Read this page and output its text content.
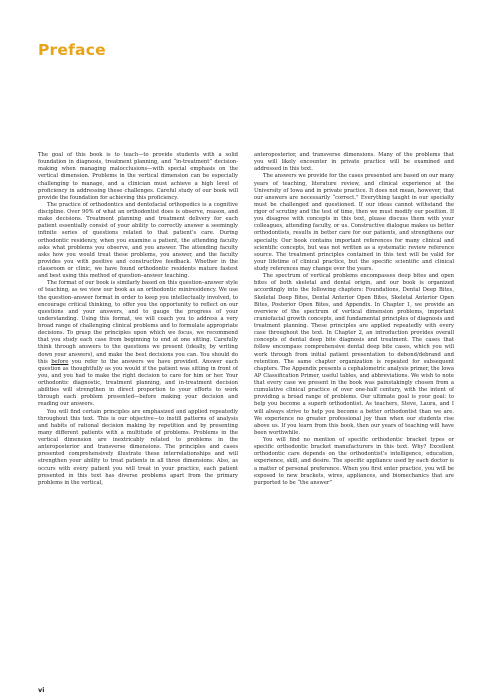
Preface

The goal of this book is to teach—to provide students with a solid foundation in diagnosis, treatment planning, and “in-treatment” decision-making when managing malocclusions—with special emphasis on the vertical dimension. Problems in the vertical dimension can be especially challenging to manage, and a clinician must achieve a high level of proficiency in addressing these challenges. Careful study of our book will provide the foundation for achieving this proficiency.

The practice of orthodontics and dentofacial orthopedics is a cognitive discipline. Over 90% of what an orthodontist does is observe, reason, and make decisions. Treatment planning and treatment delivery for each patient essentially consist of your ability to correctly answer a seemingly infinite series of questions related to that patient’s care. During orthodontic residency, when you examine a patient, the attending faculty asks what problems you observe, and you answer. The attending faculty asks how you would treat these problems, you answer, and the faculty provides you with positive and constructive feedback. Whether in the classroom or clinic, we have found orthodontic residents mature fastest and best using this method of question–answer teaching.

The format of our book is similarly based on this question–answer style of teaching, as we view our book as an orthodontic miniresidency. We use the question–answer format in order to keep you intellectually involved, to encourage critical thinking, to offer you the opportunity to reflect on our questions and your answers, and to gauge the progress of your understanding. Using this format, we will coach you to address a very broad range of challenging clinical problems and to formulate appropriate decisions. To grasp the principles upon which we focus, we recommend that you study each case from beginning to end at one sitting. Carefully think through answers to the questions we present (ideally, by writing down your answers), and make the best decisions you can. You should do this before you refer to the answers we have provided. Answer each question as thoughtfully as you would if the patient was sitting in front of you, and you had to make the right decision to care for him or her. Your orthodontic diagnostic, treatment planning, and in-treatment decision abilities will strengthen in direct proportion to your efforts to work through each problem presented—before making your decision and reading our answers.

You will find certain principles are emphasized and applied repeatedly throughout this text. This is our objective—to instill patterns of analysis and habits of rational decision making by repetition and by presenting many different patients with a multitude of problems. Problems in the vertical dimension are inextricably related to problems in the anteroposterior and transverse dimensions. The principles and cases presented comprehensively illustrate these interrelationships and will strengthen your ability to treat patients in all three dimensions. Also, as occurs with every patient you will treat in your practice, each patient presented in this text has diverse problems apart from the primary problems in the vertical,

anteroposterior, and transverse dimensions. Many of the problems that you will likely encounter in private practice will be examined and addressed in this text.

The answers we provide for the cases presented are based on our many years of teaching, literature review, and clinical experience at the University of Iowa and in private practice. It does not mean, however, that our answers are necessarily “correct.” Everything taught in our specialty must be challenged and questioned. If our ideas cannot withstand the rigor of scrutiny and the test of time, then we must modify our position. If you disagree with concepts in this text, please discuss them with your colleagues, attending faculty, or us. Constructive dialogue makes us better orthodontists, results in better care for our patients, and strengthens our specialty. Our book contains important references for many clinical and scientific concepts, but was not written as a systematic review reference source. The treatment principles contained in this text will be valid for your lifetime of clinical practice, but the specific scientific and clinical study references may change over the years.

The spectrum of vertical problems encompasses deep bites and open bites of both skeletal and dental origin, and our book is organized accordingly into the following chapters: Foundations, Dental Deep Bites, Skeletal Deep Bites, Dental Anterior Open Bites, Skeletal Anterior Open Bites, Posterior Open Bites, and Appendix. In Chapter 1, we provide an overview of the spectrum of vertical dimension problems, important craniofacial growth concepts, and fundamental principles of diagnosis and treatment planning. These principles are applied repeatedly with every case throughout the text. In Chapter 2, an introduction provides overall concepts of dental deep bite diagnosis and treatment. The cases that follow encompass comprehensive dental deep bite cases, which you will work through from initial patient presentation to debond/debrand and retention. The same chapter organization is repeated for subsequent chapters. The Appendix presents a cephalometric analysis primer, the Iowa AP Classification Primer, useful tables, and abbreviations. We wish to note that every case we present in the book was painstakingly chosen from a cumulative clinical practice of over one-half century, with the intent of providing a broad range of problems. Our ultimate goal is your goal: to help you become a superb orthodontist. As teachers, Steve, Laura, and I will always strive to help you become a better orthodontist than we are. We experience no greater professional joy than when our students rise above us. If you learn from this book, then our years of teaching will have been worthwhile.

You will find no mention of specific orthodontic bracket types or specific orthodontic bracket manufacturers in this text. Why? Excellent orthodontic care depends on the orthodontist’s intelligence, education, experience, skill, and desire. The specific appliance used by each doctor is a matter of personal preference. When you first enter practice, you will be exposed to new brackets, wires, appliances, and biomechanics that are purported to be “the answer”

vi
